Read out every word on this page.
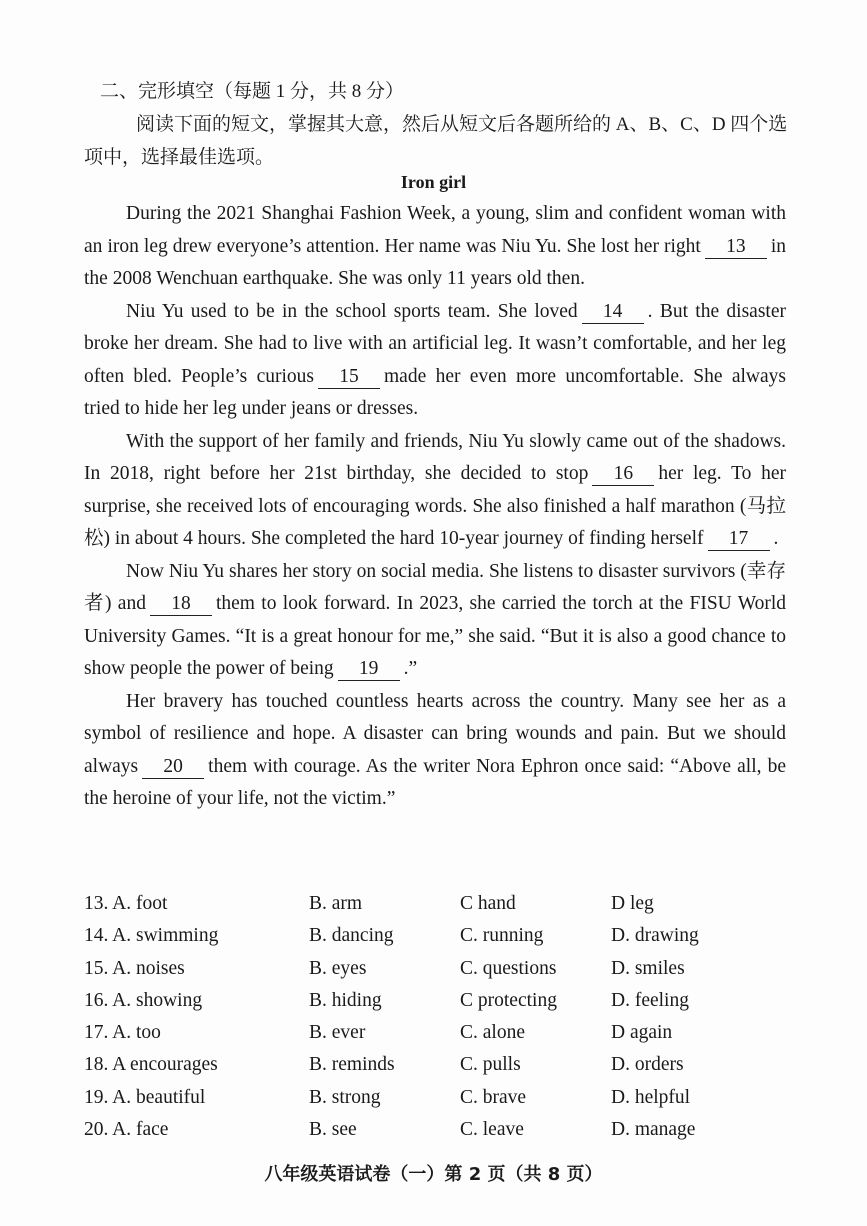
二、完形填空（每题 1 分，共 8 分）
阅读下面的短文，掌握其大意，然后从短文后各题所给的 A、B、C、D 四个选项中，选择最佳选项。
Iron girl

During the 2021 Shanghai Fashion Week, a young, slim and confident woman with an iron leg drew everyone’s attention. Her name was Niu Yu. She lost her right 13 in the 2008 Wenchuan earthquake. She was only 11 years old then.

Niu Yu used to be in the school sports team. She loved 14 . But the disaster broke her dream. She had to live with an artificial leg. It wasn’t comfortable, and her leg often bled. People’s curious 15 made her even more uncomfortable. She always tried to hide her leg under jeans or dresses.

With the support of her family and friends, Niu Yu slowly came out of the shadows. In 2018, right before her 21st birthday, she decided to stop 16 her leg. To her surprise, she received lots of encouraging words. She also finished a half marathon (马拉松) in about 4 hours. She completed the hard 10-year journey of finding herself 17 .

Now Niu Yu shares her story on social media. She listens to disaster survivors (幸存者) and 18 them to look forward. In 2023, she carried the torch at the FISU World University Games. “It is a great honour for me,” she said. “But it is also a good chance to show people the power of being 19 .”

Her bravery has touched countless hearts across the country. Many see her as a symbol of resilience and hope. A disaster can bring wounds and pain. But we should always 20 them with courage. As the writer Nora Ephron once said: “Above all, be the heroine of your life, not the victim.”

13. A. foot	B. arm	C hand	D leg
14. A. swimming	B. dancing	C. running	D. drawing
15. A. noises	B. eyes	C. questions	D. smiles
16. A. showing	B. hiding	C protecting	D. feeling
17. A. too	B. ever	C. alone	D again
18. A encourages	B. reminds	C. pulls	D. orders
19. A. beautiful	B. strong	C. brave	D. helpful
20. A. face	B. see	C. leave	D. manage
八年级英语试卷（一）第 2 页（共 8 页）
